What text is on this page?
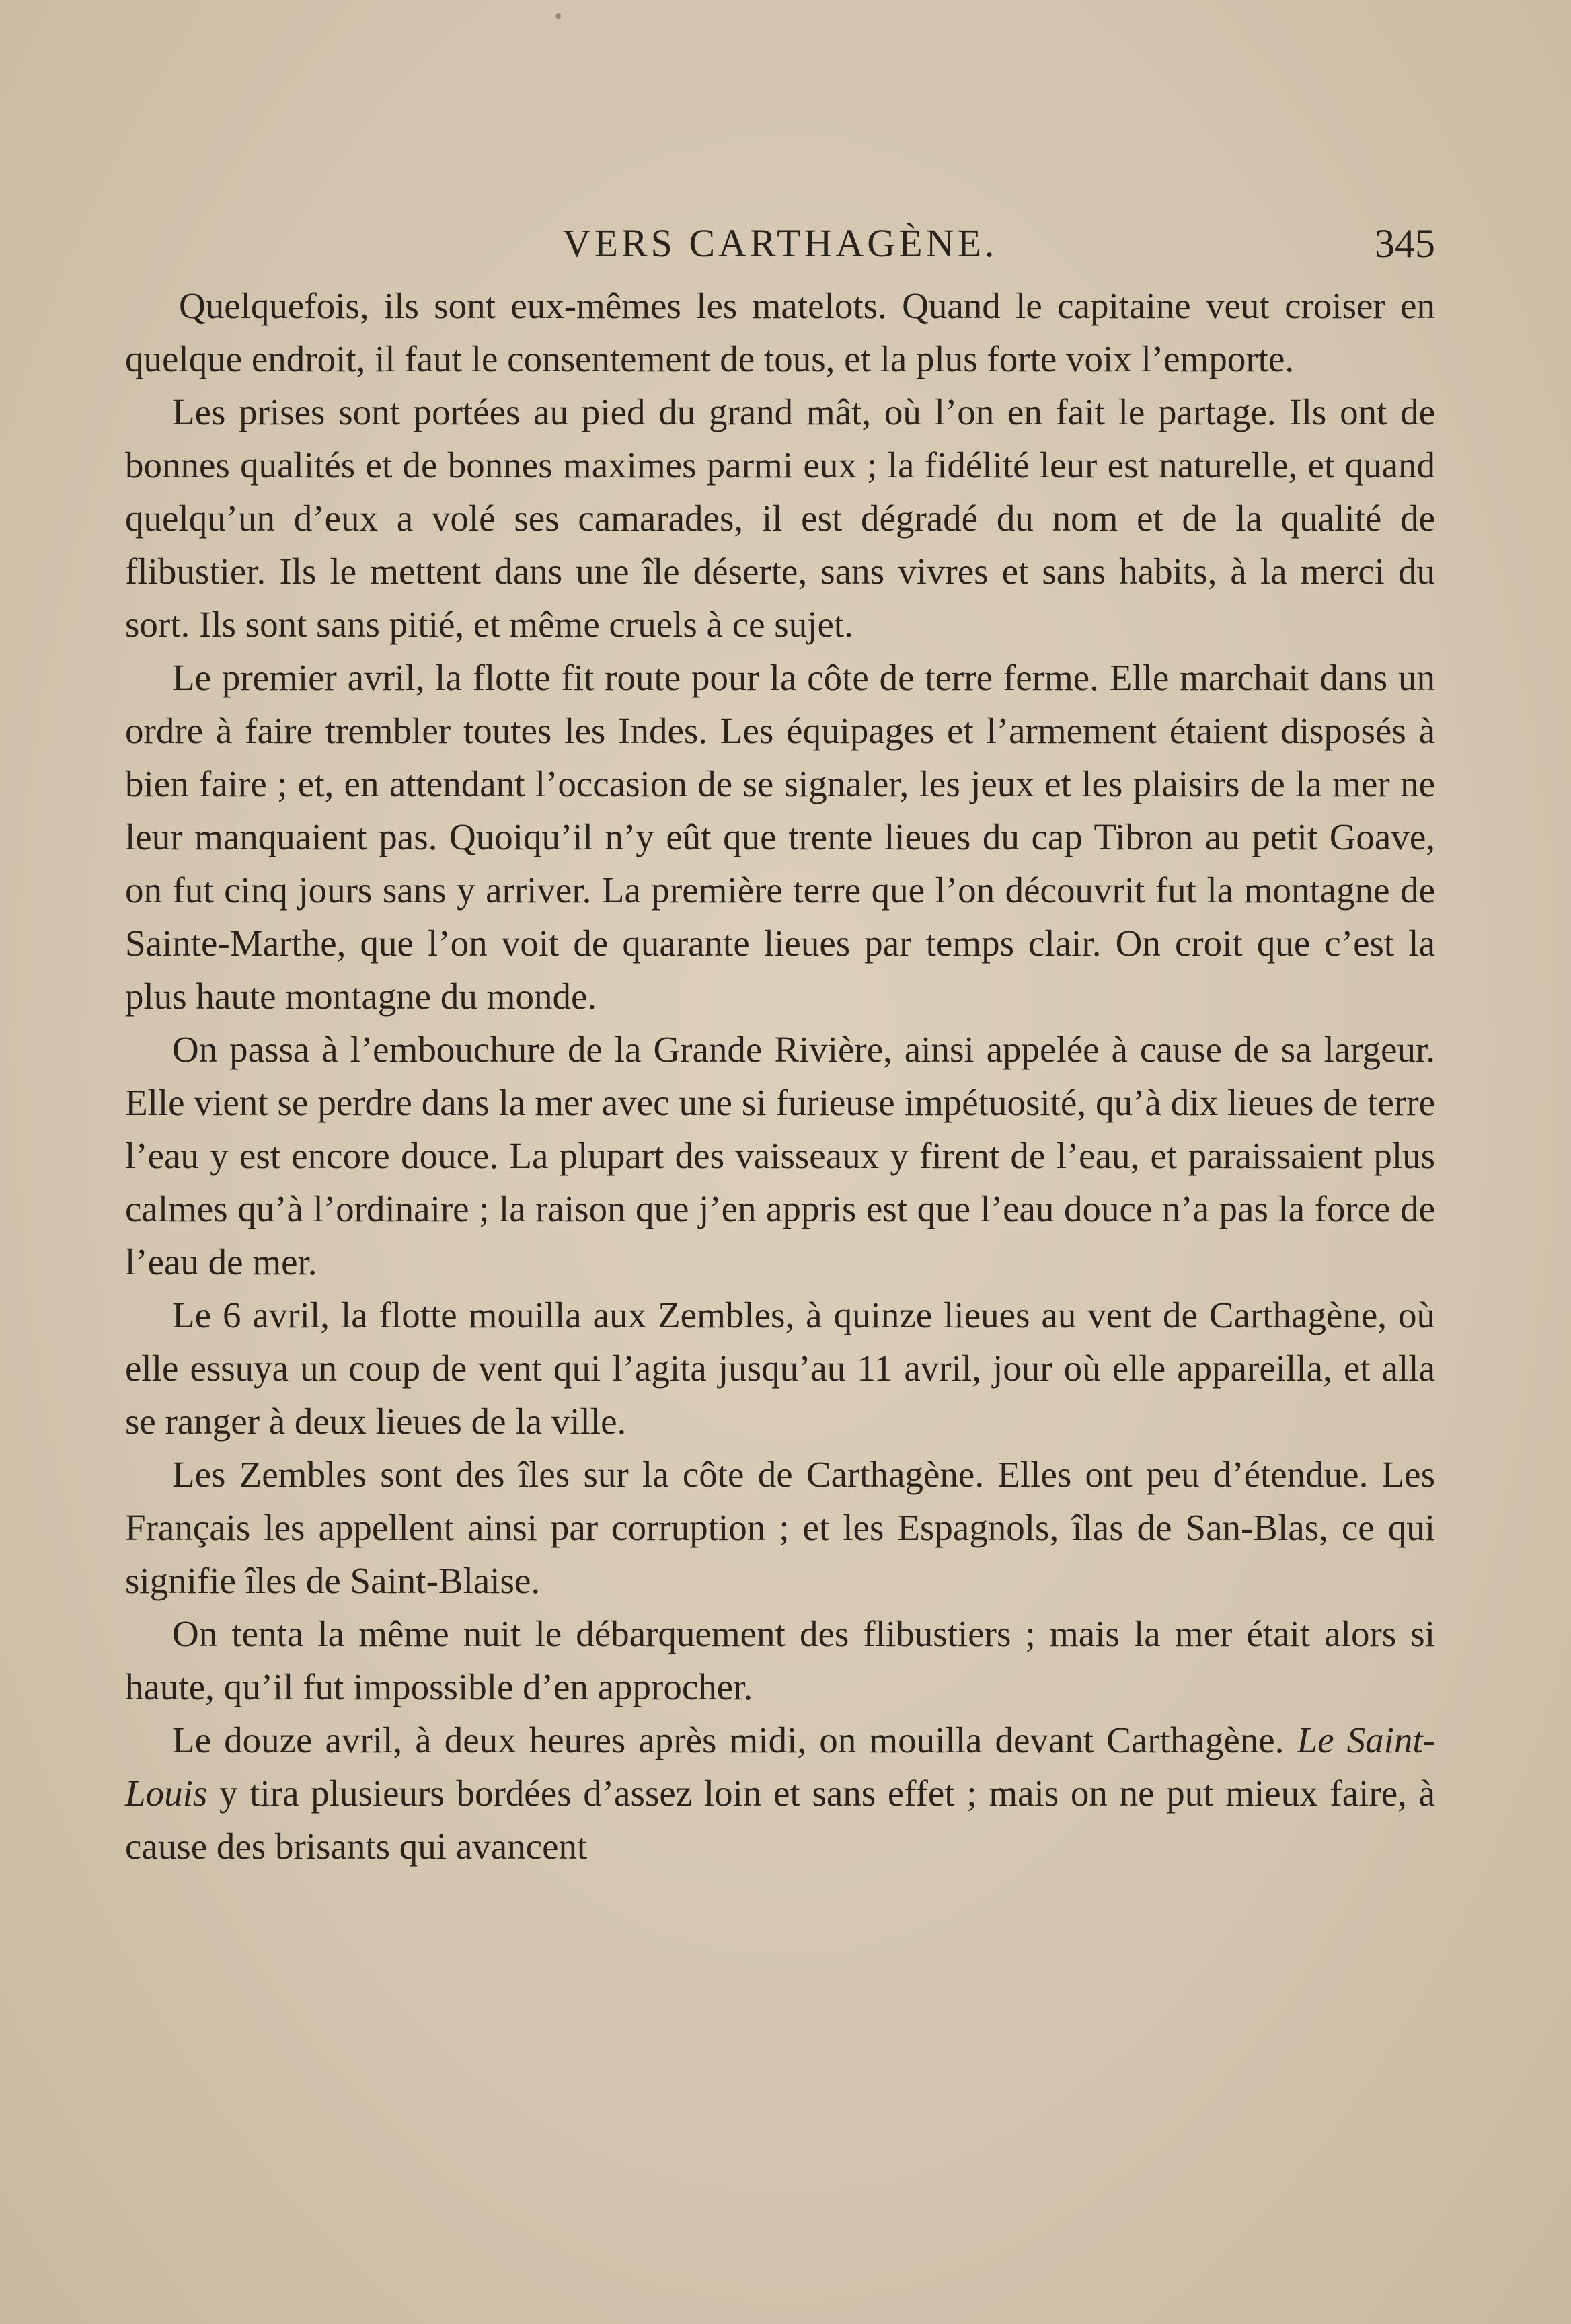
VERS CARTHAGÈNE.	345

Quelquefois, ils sont eux-mêmes les matelots. Quand le capitaine veut croiser en quelque endroit, il faut le consentement de tous, et la plus forte voix l’emporte.

Les prises sont portées au pied du grand mât, où l’on en fait le partage. Ils ont de bonnes qualités et de bonnes maximes parmi eux ; la fidélité leur est naturelle, et quand quelqu’un d’eux a volé ses camarades, il est dégradé du nom et de la qualité de flibustier. Ils le mettent dans une île déserte, sans vivres et sans habits, à la merci du sort. Ils sont sans pitié, et même cruels à ce sujet.

Le premier avril, la flotte fit route pour la côte de terre ferme. Elle marchait dans un ordre à faire trembler toutes les Indes. Les équipages et l’armement étaient disposés à bien faire ; et, en attendant l’occasion de se signaler, les jeux et les plaisirs de la mer ne leur manquaient pas. Quoiqu’il n’y eût que trente lieues du cap Tibron au petit Goave, on fut cinq jours sans y arriver. La première terre que l’on découvrit fut la montagne de Sainte-Marthe, que l’on voit de quarante lieues par temps clair. On croit que c’est la plus haute montagne du monde.

On passa à l’embouchure de la Grande Rivière, ainsi appelée à cause de sa largeur. Elle vient se perdre dans la mer avec une si furieuse impétuosité, qu’à dix lieues de terre l’eau y est encore douce. La plupart des vaisseaux y firent de l’eau, et paraissaient plus calmes qu’à l’ordinaire ; la raison que j’en appris est que l’eau douce n’a pas la force de l’eau de mer.

Le 6 avril, la flotte mouilla aux Zembles, à quinze lieues au vent de Carthagène, où elle essuya un coup de vent qui l’agita jusqu’au 11 avril, jour où elle appareilla, et alla se ranger à deux lieues de la ville.

Les Zembles sont des îles sur la côte de Carthagène. Elles ont peu d’étendue. Les Français les appellent ainsi par corruption ; et les Espagnols, îlas de San-Blas, ce qui signifie îles de Saint-Blaise.

On tenta la même nuit le débarquement des flibustiers ; mais la mer était alors si haute, qu’il fut impossible d’en approcher.

Le douze avril, à deux heures après midi, on mouilla devant Carthagène. Le Saint-Louis y tira plusieurs bordées d’assez loin et sans effet ; mais on ne put mieux faire, à cause des brisants qui avancent
